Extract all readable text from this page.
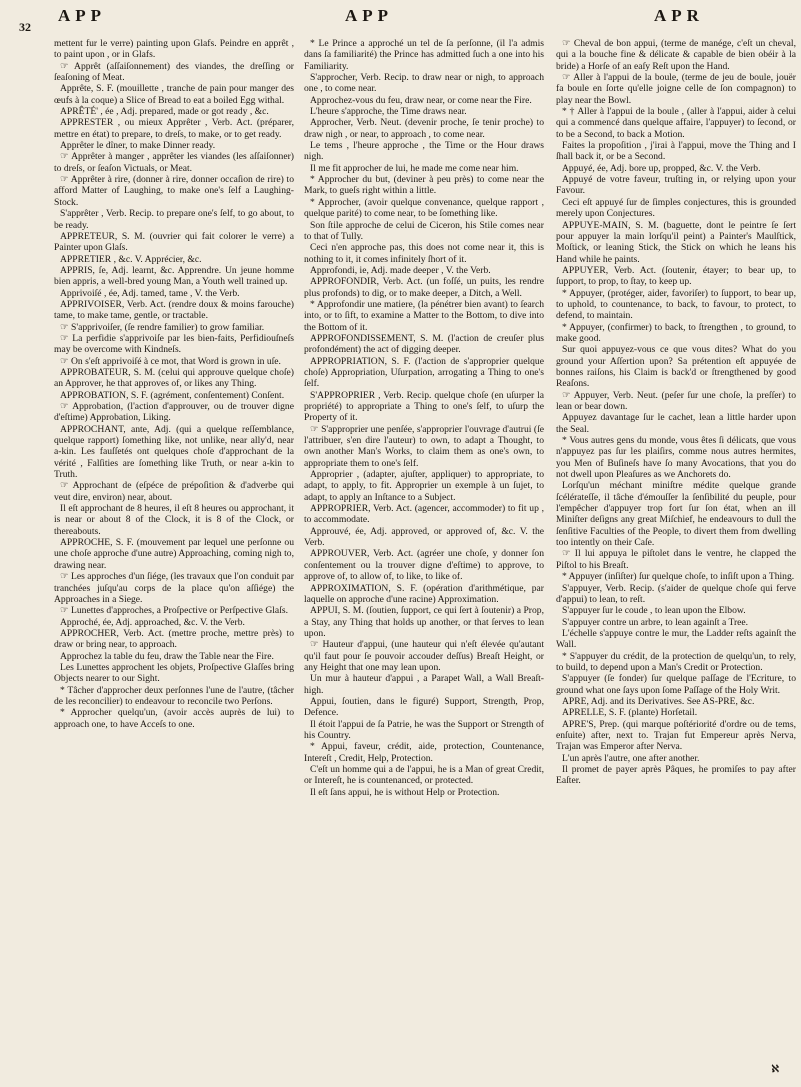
32
APP	APP	APR

mettent fur le verre) painting upon Glafs. Peindre en apprêt , to paint upon , or in Glafs.

☞ Apprêt (aſſaiſonnement) des viandes, the dreſſing or ſeaſoning of Meat.

Apprête, S. F. (mouillette , tranche de pain pour manger des œufs à la coque) a Slice of Bread to eat a boiled Egg withal.

APRÊTÉ' , ée , Adj. prepared, made or got ready , &c.

APPRESTER , ou mieux Apprêter , Verb. Act. (préparer, mettre en état) to prepare, to dreſs, to make, or to get ready.

Apprêter le dîner, to make Dinner ready.

☞ Apprêter à manger , apprêter les viandes (les aſſaiſonner) to dreſs, or ſeaſon Victuals, or Meat.

☞ Apprêter à rire, (donner à rire, donner occaſion de rire) to afford Matter of Laughing, to make one's ſelf a Laughing-Stock.

S'apprêter , Verb. Recip. to prepare one's ſelf, to go about, to be ready.

APPRETEUR, S. M. (ouvrier qui fait colorer le verre) a Painter upon Glaſs.

APPRETIER , &c. V. Apprécier, &c.

APPRIS, ſe, Adj. learnt, &c. Apprendre. Un jeune homme bien appris, a well-bred young Man, a Youth well trained up.

Apprivoiſé , ée, Adj. tamed, tame , V. the Verb.

APPRIVOISER, Verb. Act. (rendre doux & moins farouche) tame, to make tame, gentle, or tractable.

☞ S'apprivoiſer, (ſe rendre familier) to grow familiar.

☞ La perfidie s'apprivoiſe par les bien-faits, Perfidiouſneſs may be overcome with Kindneſs.

☞ On s'eſt apprivoiſé à ce mot, that Word is grown in uſe.

APPROBATEUR, S. M. (celui qui approuve quelque choſe) an Approver, he that approves of, or likes any Thing.

APPROBATION, S. F. (agrément, conſentement) Conſent.

☞ Approbation, (l'action d'approuver, ou de trouver digne d'eſtime) Approbation, Liking.

APPROCHANT, ante, Adj. (qui a quelque reſſemblance, quelque rapport) ſomething like, not unlike, near ally'd, near a-kin. Les fauſſetés ont quelques choſe d'approchant de la vérité , Falſities are ſomething like Truth, or near a-kin to Truth.

☞ Approchant de (eſpéce de prépoſition & d'adverbe qui veut dire, environ) near, about.

Il eſt approchant de 8 heures, il eſt 8 heures ou approchant, it is near or about 8 of the Clock, it is 8 of the Clock, or thereabouts.

APPROCHE, S. F. (mouvement par lequel une perſonne ou une choſe approche d'une autre) Approaching, coming nigh to, drawing near.

☞ Les approches d'un ſiége, (les travaux que l'on conduit par tranchées juſqu'au corps de la place qu'on aſſiége) the Approaches in a Siege.

☞ Lunettes d'approches, a Proſpective or Perſpective Glaſs.

Approché, ée, Adj. approached, &c. V. the Verb.

APPROCHER, Verb. Act. (mettre proche, mettre près) to draw or bring near, to approach.

Approchez la table du feu, draw the Table near the Fire.

Les Lunettes approchent les objets, Proſpective Glaſſes bring Objects nearer to our Sight.

* Tâcher d'approcher deux perſonnes l'une de l'autre, (tâcher de les reconcilier) to endeavour to reconcile two Perſons.

* Approcher quelqu'un, (avoir accès auprès de lui) to approach one, to have Acceſs to one.

* Le Prince a approché un tel de ſa perſonne, (il l'a admis dans ſa familiarité) the Prince has admitted ſuch a one into his Familiarity.

S'approcher, Verb. Recip. to draw near or nigh, to approach one , to come near.

Approchez-vous du feu, draw near, or come near the Fire.

L'heure s'approche, the Time draws near.

Approcher, Verb. Neut. (devenir proche, ſe tenir proche) to draw nigh , or near, to approach , to come near.

Le tems , l'heure approche , the Time or the Hour draws nigh.

Il me fit approcher de lui, he made me come near him.

* Approcher du but, (deviner à peu près) to come near the Mark, to gueſs right within a little.

* Approcher, (avoir quelque convenance, quelque rapport , quelque parité) to come near, to be ſomething like.

Son ſtile approche de celui de Ciceron, his Stile comes near to that of Tully.

Ceci n'en approche pas, this does not come near it, this is nothing to it, it comes infinitely ſhort of it.

Approfondi, ie, Adj. made deeper , V. the Verb.

APPROFONDIR, Verb. Act. (un foſſé, un puits, les rendre plus profonds) to dig, or to make deeper, a Ditch, a Well.

* Approfondir une matiere, (la pénétrer bien avant) to ſearch into, or to ſift, to examine a Matter to the Bottom, to dive into the Bottom of it.

APPROFONDISSEMENT, S. M. (l'action de creuſer plus profondément) the act of digging deeper.

APPROPRIATION, S. F. (l'action de s'approprier quelque choſe) Appropriation, Uſurpation, arrogating a Thing to one's ſelf.

S'APPROPRIER , Verb. Recip. quelque choſe (en uſurper la propriété) to appropriate a Thing to one's ſelf, to uſurp the Property of it.

☞ S'approprier une penſée, s'approprier l'ouvrage d'autrui (ſe l'attribuer, s'en dire l'auteur) to own, to adapt a Thought, to own another Man's Works, to claim them as one's own, to appropriate them to one's ſelf.

Approprier , (adapter, ajuſter, appliquer) to appropriate, to adapt, to apply, to fit. Approprier un exemple à un ſujet, to adapt, to apply an Inſtance to a Subject.

APPROPRIER, Verb. Act. (agencer, accommoder) to fit up , to accommodate.

Approuvé, ée, Adj. approved, or approved of, &c. V. the Verb.

APPROUVER, Verb. Act. (agréer une choſe, y donner ſon conſentement ou la trouver digne d'eſtime) to approve, to approve of, to allow of, to like, to like of.

APPROXIMATION, S. F. (opération d'arithmétique, par laquelle on approche d'une racine) Approximation.

APPUI, S. M. (ſoutien, ſupport, ce qui ſert à ſoutenir) a Prop, a Stay, any Thing that holds up another, or that ſerves to lean upon.

☞ Hauteur d'appui, (une hauteur qui n'eſt élevée qu'autant qu'il faut pour ſe pouvoir accouder deſſus) Breaſt Height, or any Height that one may lean upon.

Un mur à hauteur d'appui , a Parapet Wall, a Wall Breaſt-high.

Appui, ſoutien, dans le figuré) Support, Strength, Prop, Defence.

Il étoit l'appui de ſa Patrie, he was the Support or Strength of his Country.

* Appui, faveur, crédit, aide, protection, Countenance, Intereſt , Credit, Help, Protection.

C'eſt un homme qui a de l'appui, he is a Man of great Credit, or Intereſt, he is countenanced, or protected.

Il eſt ſans appui, he is without Help or Protection.

☞ Cheval de bon appui, (terme de manége, c'eſt un cheval, qui a la bouche fine & délicate & capable de bien obéir à la bride) a Horſe of an eaſy Reſt upon the Hand.

☞ Aller à l'appui de la boule, (terme de jeu de boule, jouër fa boule en ſorte qu'elle joigne celle de ſon compagnon) to play near the Bowl.

* † Aller à l'appui de la boule , (aller à l'appui, aider à celui qui a commencé dans quelque affaire, l'appuyer) to ſecond, or to be a Second, to back a Motion.

Faites la propoſition , j'irai à l'appui, move the Thing and I ſhall back it, or be a Second.

Appuyé, ée, Adj. bore up, propped, &c. V. the Verb.

Appuyé de votre faveur, truſting in, or relying upon your Favour.

Ceci eſt appuyé ſur de ſimples conjectures, this is grounded merely upon Conjectures.

APPUYE-MAIN, S. M. (baguette, dont le peintre ſe ſert pour appuyer la main lorſqu'il peint) a Painter's Maulſtick, Moſtick, or leaning Stick, the Stick on which he leans his Hand while he paints.

APPUYER, Verb. Act. (ſoutenir, étayer; to bear up, to ſupport, to prop, to ſtay, to keep up.

* Appuyer, (protéger, aider, favoriſer) to ſupport, to bear up, to uphold, to countenance, to back, to favour, to protect, to defend, to maintain.

* Appuyer, (confirmer) to back, to ſtrengthen , to ground, to make good.

Sur quoi appuyez-vous ce que vous dites? What do you ground your Aſſertion upon? Sa prétention eſt appuyée de bonnes raiſons, his Claim is back'd or ſtrengthened by good Reaſons.

☞ Appuyer, Verb. Neut. (peſer ſur une choſe, la preſſer) to lean or bear down.

Appuyez davantage ſur le cachet, lean a little harder upon the Seal.

* Vous autres gens du monde, vous êtes ſi délicats, que vous n'appuyez pas ſur les plaiſirs, comme nous autres hermites, you Men of Buſineſs have ſo many Avocations, that you do not dwell upon Pleaſures as we Anchorets do.

Lorſqu'un méchant miniſtre médite quelque grande ſcélérateſſe, il tâche d'émouſſer la ſenſibilité du peuple, pour l'empêcher d'appuyer trop fort ſur ſon état, when an ill Miniſter deſigns any great Miſchief, he endeavours to dull the ſenſitive Faculties of the People, to divert them from dwelling too intently on their Caſe.

☞ Il lui appuya le piſtolet dans le ventre, he clapped the Piſtol to his Breaſt.

* Appuyer (inſiſter) ſur quelque choſe, to inſiſt upon a Thing.

S'appuyer, Verb. Recip. (s'aider de quelque choſe qui ferve d'appui) to lean, to reſt.

S'appuyer ſur le coude , to lean upon the Elbow.

S'appuyer contre un arbre, to lean againſt a Tree.

L'échelle s'appuye contre le mur, the Ladder reſts againſt the Wall.

* S'appuyer du crédit, de la protection de quelqu'un, to rely, to build, to depend upon a Man's Credit or Protection.

S'appuyer (ſe fonder) ſur quelque paſſage de l'Ecriture, to ground what one ſays upon ſome Paſſage of the Holy Writ.

APRE, Adj. and its Derivatives. See AS-PRE, &c.

APRELLE, S. F. (plante) Horſetail.

APRE'S, Prep. (qui marque poſtériorité d'ordre ou de tems, enſuite) after, next to. Trajan fut Empereur après Nerva, Trajan was Emperor after Nerva.

L'un après l'autre, one after another.

Il promet de payer après Pâques, he promiſes to pay after Eaſter.

ℵ
